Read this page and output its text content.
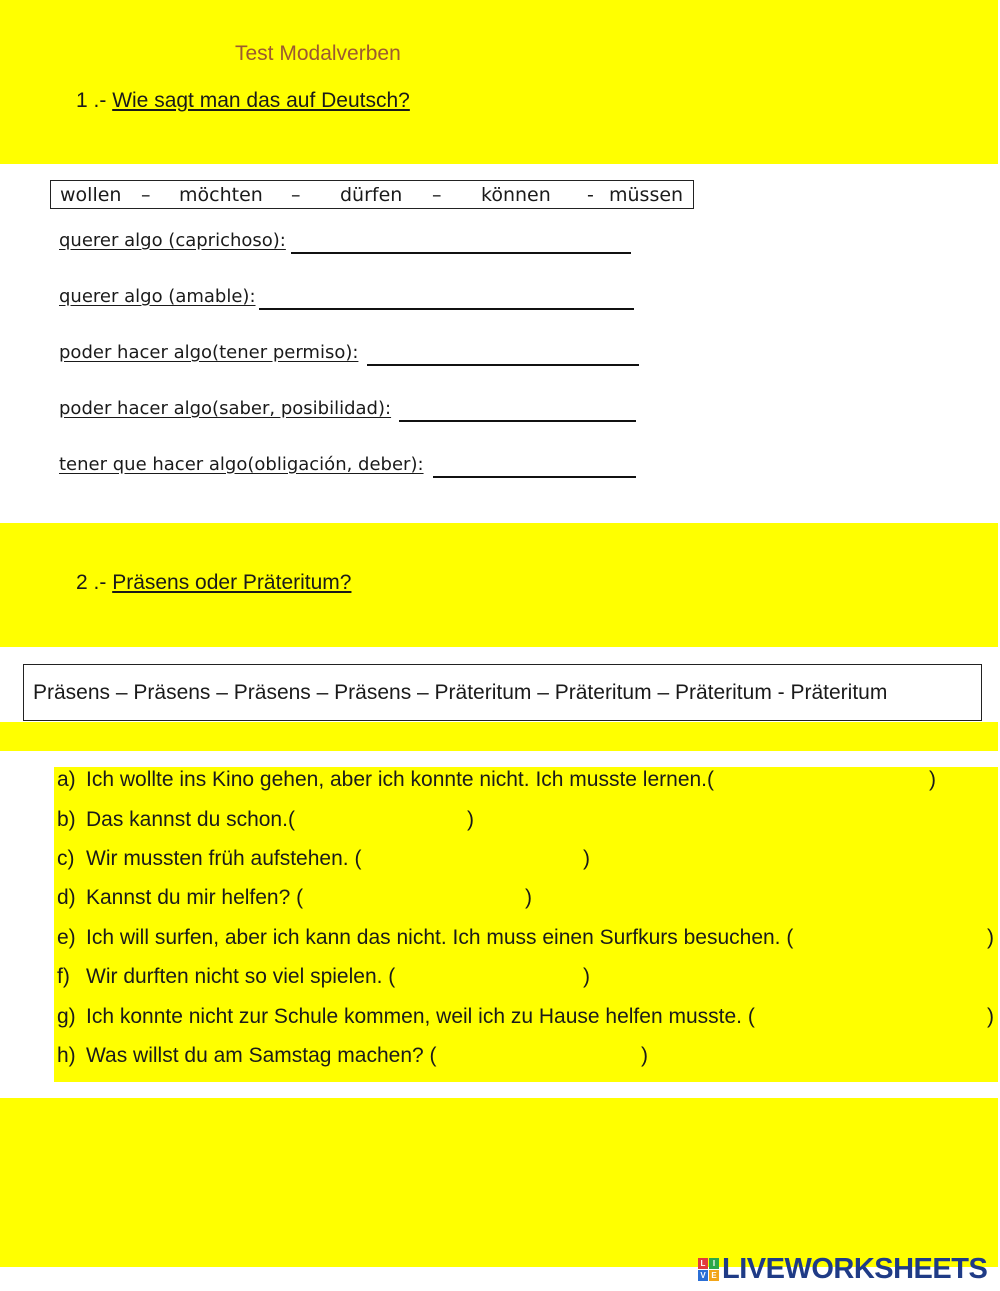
Test Modalverben
1 .- Wie sagt man das auf Deutsch?
wollen – möchten – dürfen – können - müssen
querer algo (caprichoso):
querer algo (amable):
poder hacer algo(tener permiso):
poder hacer algo(saber, posibilidad):
tener que hacer algo(obligación, deber):
2 .- Präsens oder Präteritum?
Präsens – Präsens – Präsens – Präsens – Präteritum – Präteritum – Präteritum - Präteritum
a) Ich wollte ins Kino gehen, aber ich konnte nicht. Ich musste lernen.(	)
b) Das kannst du schon.(	)
c) Wir mussten früh aufstehen. (	)
d) Kannst du mir helfen? (	)
e) Ich will surfen, aber ich kann das nicht. Ich muss einen Surfkurs besuchen. (	)
f) Wir durften nicht so viel spielen. (	)
g) Ich konnte nicht zur Schule kommen, weil ich zu Hause helfen musste. (	)
h) Was willst du am Samstag machen? (	)
L I
V E LIVEWORKSHEETS
